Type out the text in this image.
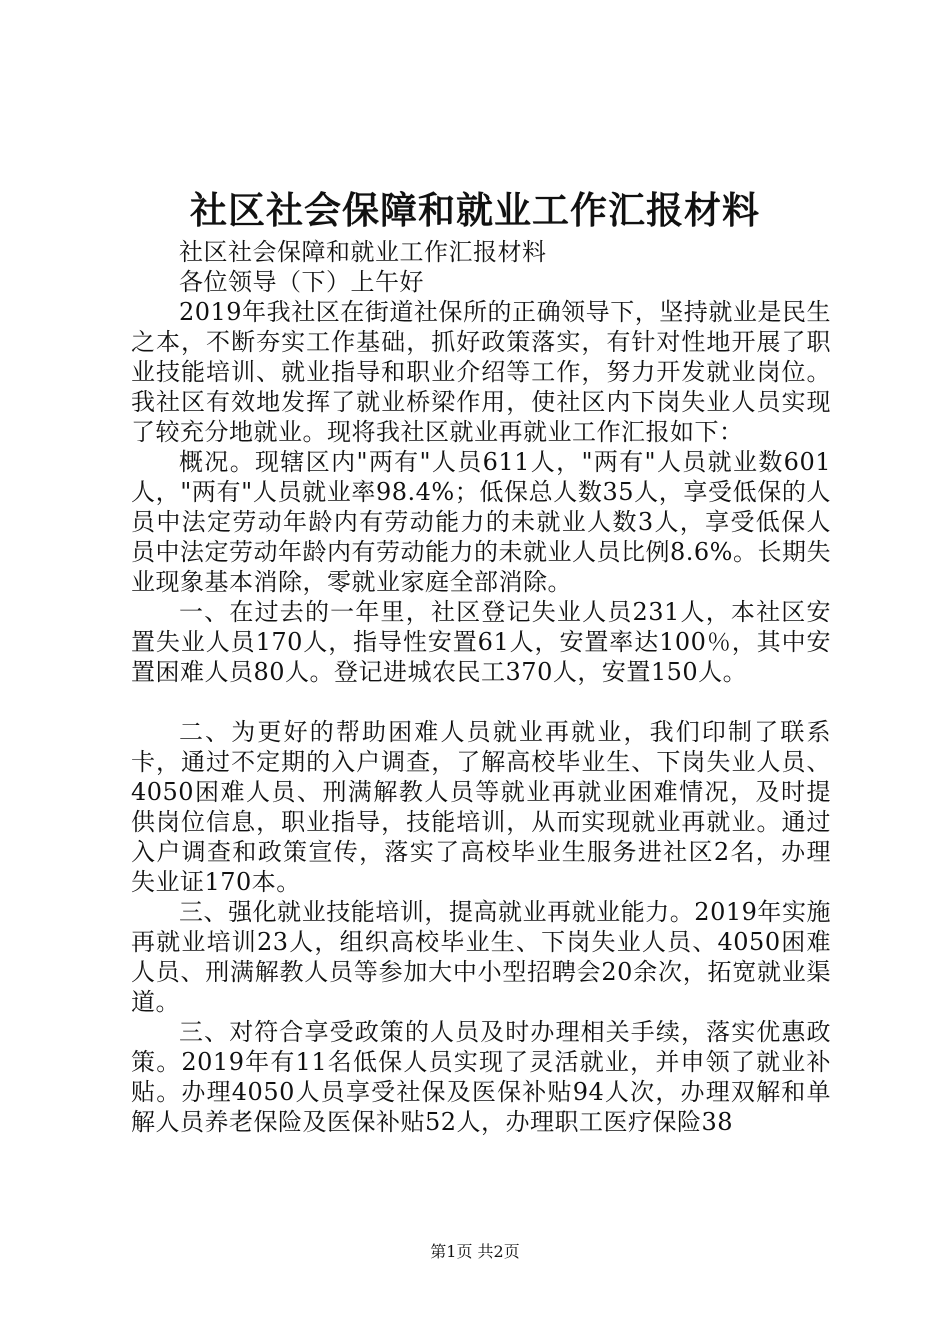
社区社会保障和就业工作汇报材料

社区社会保障和就业工作汇报材料

各位领导（下）上午好

2019年我社区在街道社保所的正确领导下，坚持就业是民生之本，不断夯实工作基础，抓好政策落实，有针对性地开展了职业技能培训、就业指导和职业介绍等工作，努力开发就业岗位。我社区有效地发挥了就业桥梁作用，使社区内下岗失业人员实现了较充分地就业。现将我社区就业再就业工作汇报如下：

概况。现辖区内"两有"人员611人，"两有"人员就业数601人，"两有"人员就业率98.4%；低保总人数35人，享受低保的人员中法定劳动年龄内有劳动能力的未就业人数3人，享受低保人员中法定劳动年龄内有劳动能力的未就业人员比例8.6%。长期失业现象基本消除，零就业家庭全部消除。

一、在过去的一年里，社区登记失业人员231人，本社区安置失业人员170人，指导性安置61人，安置率达100％，其中安置困难人员80人。登记进城农民工370人，安置150人。

二、为更好的帮助困难人员就业再就业，我们印制了联系卡，通过不定期的入户调查，了解高校毕业生、下岗失业人员、4050困难人员、刑满解教人员等就业再就业困难情况，及时提供岗位信息，职业指导，技能培训，从而实现就业再就业。通过入户调查和政策宣传，落实了高校毕业生服务进社区2名，办理失业证170本。

三、强化就业技能培训，提高就业再就业能力。2019年实施再就业培训23人，组织高校毕业生、下岗失业人员、4050困难人员、刑满解教人员等参加大中小型招聘会20余次，拓宽就业渠道。

三、对符合享受政策的人员及时办理相关手续，落实优惠政策。2019年有11名低保人员实现了灵活就业，并申领了就业补贴。办理4050人员享受社保及医保补贴94人次，办理双解和单解人员养老保险及医保补贴52人，办理职工医疗保险38

第1页 共2页
